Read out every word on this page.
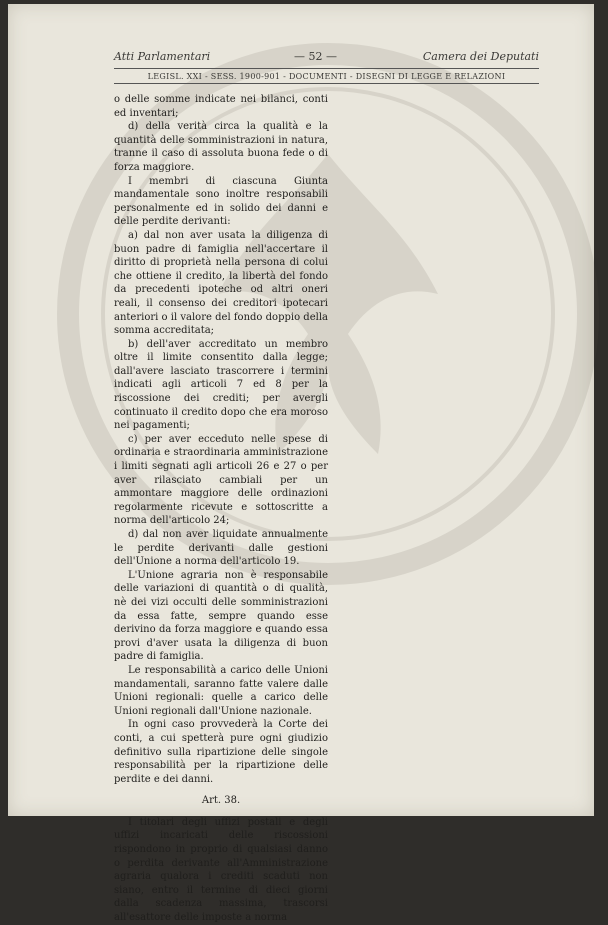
Atti Parlamentari	— 52 —	Camera dei Deputati
LEGISL. XXI - SESS. 1900-901 - DOCUMENTI - DISEGNI DI LEGGE E RELAZIONI

o delle somme indicate nei bilanci, conti ed inventari;

d) della verità circa la qualità e la quantità delle somministrazioni in natura, tranne il caso di assoluta buona fede o di forza maggiore.

I membri di ciascuna Giunta mandamentale sono inoltre responsabili personalmente ed in solido dei danni e delle perdite derivanti:

a) dal non aver usata la diligenza di buon padre di famiglia nell'accertare il diritto di proprietà nella persona di colui che ottiene il credito, la libertà del fondo da precedenti ipoteche od altri oneri reali, il consenso dei creditori ipotecari anteriori o il valore del fondo doppio della somma accreditata;

b) dell'aver accreditato un membro oltre il limite consentito dalla legge; dall'avere lasciato trascorrere i termini indicati agli articoli 7 ed 8 per la riscossione dei crediti; per avergli continuato il credito dopo che era moroso nei pagamenti;

c) per aver ecceduto nelle spese di ordinaria e straordinaria amministrazione i limiti segnati agli articoli 26 e 27 o per aver rilasciato cambiali per un ammontare maggiore delle ordinazioni regolarmente ricevute e sottoscritte a norma dell'articolo 24;

d) dal non aver liquidate annualmente le perdite derivanti dalle gestioni dell'Unione a norma dell'articolo 19.

L'Unione agraria non è responsabile delle variazioni di quantità o di qualità, nè dei vizi occulti delle somministrazioni da essa fatte, sempre quando esse derivino da forza maggiore e quando essa provi d'aver usata la diligenza di buon padre di famiglia.

Le responsabilità a carico delle Unioni mandamentali, saranno fatte valere dalle Unioni regionali: quelle a carico delle Unioni regionali dall'Unione nazionale.

In ogni caso provvederà la Corte dei conti, a cui spetterà pure ogni giudizio definitivo sulla ripartizione delle singole responsabilità per la ripartizione delle perdite e dei danni.

Art. 38.

I titolari degli uffizi postali e degli uffizi incaricati delle riscossioni rispondono in proprio di qualsiasi danno o perdita derivante all'Amministrazione agraria qualora i crediti scaduti non siano, entro il termine di dieci giorni dalla scadenza massima, trascorsi all'esattore delle imposte a norma
